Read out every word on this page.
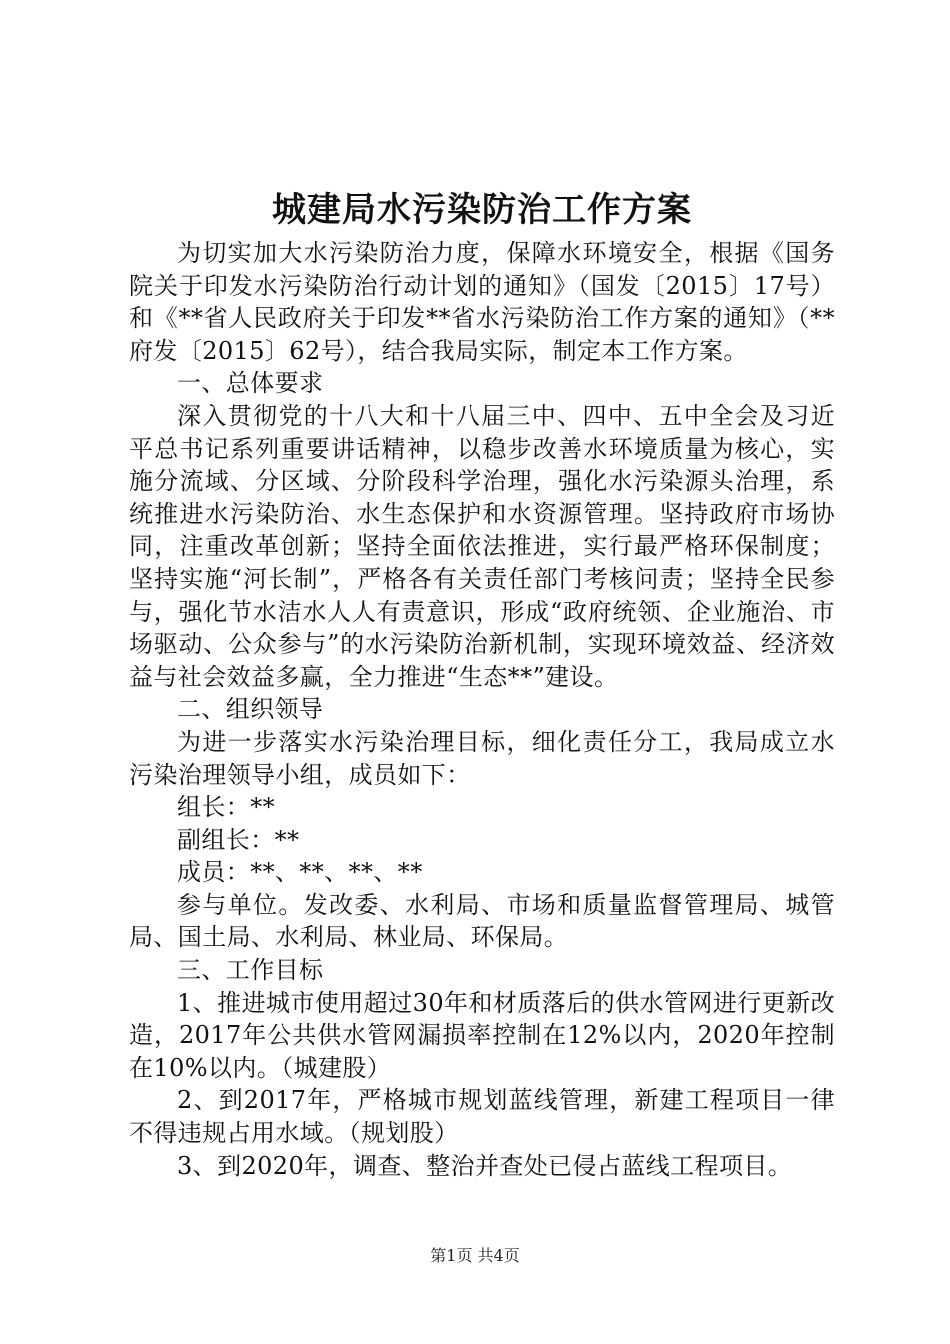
城建局水污染防治工作方案

为切实加大水污染防治力度，保障水环境安全，根据《国务院关于印发水污染防治行动计划的通知》（国发〔2015〕17号）和《**省人民政府关于印发**省水污染防治工作方案的通知》（**府发〔2015〕62号），结合我局实际，制定本工作方案。

一、总体要求

深入贯彻党的十八大和十八届三中、四中、五中全会及习近平总书记系列重要讲话精神，以稳步改善水环境质量为核心，实施分流域、分区域、分阶段科学治理，强化水污染源头治理，系统推进水污染防治、水生态保护和水资源管理。坚持政府市场协同，注重改革创新；坚持全面依法推进，实行最严格环保制度；坚持实施“河长制”，严格各有关责任部门考核问责；坚持全民参与，强化节水洁水人人有责意识，形成“政府统领、企业施治、市场驱动、公众参与”的水污染防治新机制，实现环境效益、经济效益与社会效益多赢，全力推进“生态**”建设。

二、组织领导

为进一步落实水污染治理目标，细化责任分工，我局成立水污染治理领导小组，成员如下：

组长：**

副组长：**

成员：**、**、**、**

参与单位。发改委、水利局、市场和质量监督管理局、城管局、国土局、水利局、林业局、环保局。

三、工作目标

1、推进城市使用超过30年和材质落后的供水管网进行更新改造，2017年公共供水管网漏损率控制在12%以内，2020年控制在10%以内。（城建股）

2、到2017年，严格城市规划蓝线管理，新建工程项目一律不得违规占用水域。（规划股）

3、到2020年，调查、整治并查处已侵占蓝线工程项目。

第1页 共4页
